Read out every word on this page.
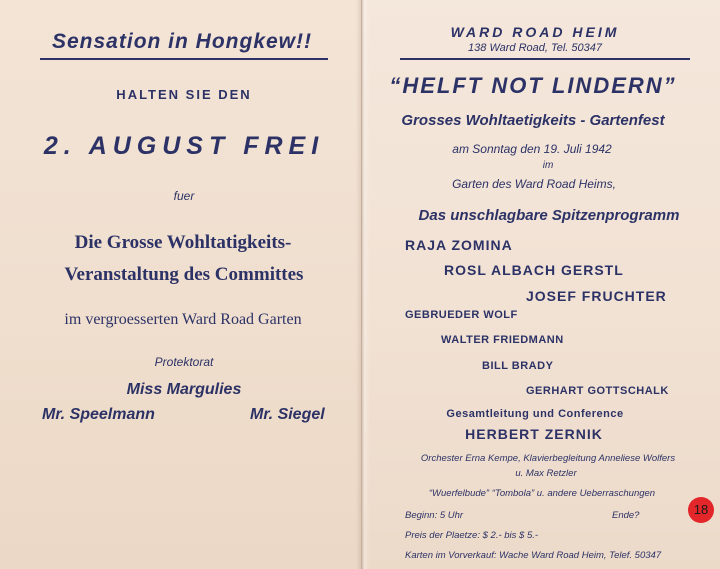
Sensation in Hongkew!!
HALTEN SIE DEN
2. AUGUST FREI
fuer
Die Grosse Wohltatigkeits-
Veranstaltung des Committes
im vergroesserten Ward Road Garten
Protektorat
Miss Margulies
Mr. Speelmann	Mr. Siegel
WARD ROAD HEIM
138 Ward Road, Tel. 50347
“HELFT NOT LINDERN”
Grosses Wohltaetigkeits - Gartenfest
am Sonntag den 19. Juli 1942
im
Garten des Ward Road Heims,
Das unschlagbare Spitzenprogramm
RAJA ZOMINA
ROSL ALBACH GERSTL
JOSEF FRUCHTER
GEBRUEDER WOLF
WALTER FRIEDMANN
BILL BRADY
GERHART GOTTSCHALK
Gesamtleitung und Conference
HERBERT ZERNIK
Orchester Erna Kempe, Klavierbegleitung Anneliese Wolfers
u. Max Retzler
“Wuerfelbude” “Tombola” u. andere Ueberraschungen
Beginn: 5 Uhr	Ende?
Preis der Plaetze: $ 2.- bis $ 5.-
Karten im Vorverkauf: Wache Ward Road Heim, Telef. 50347
18
